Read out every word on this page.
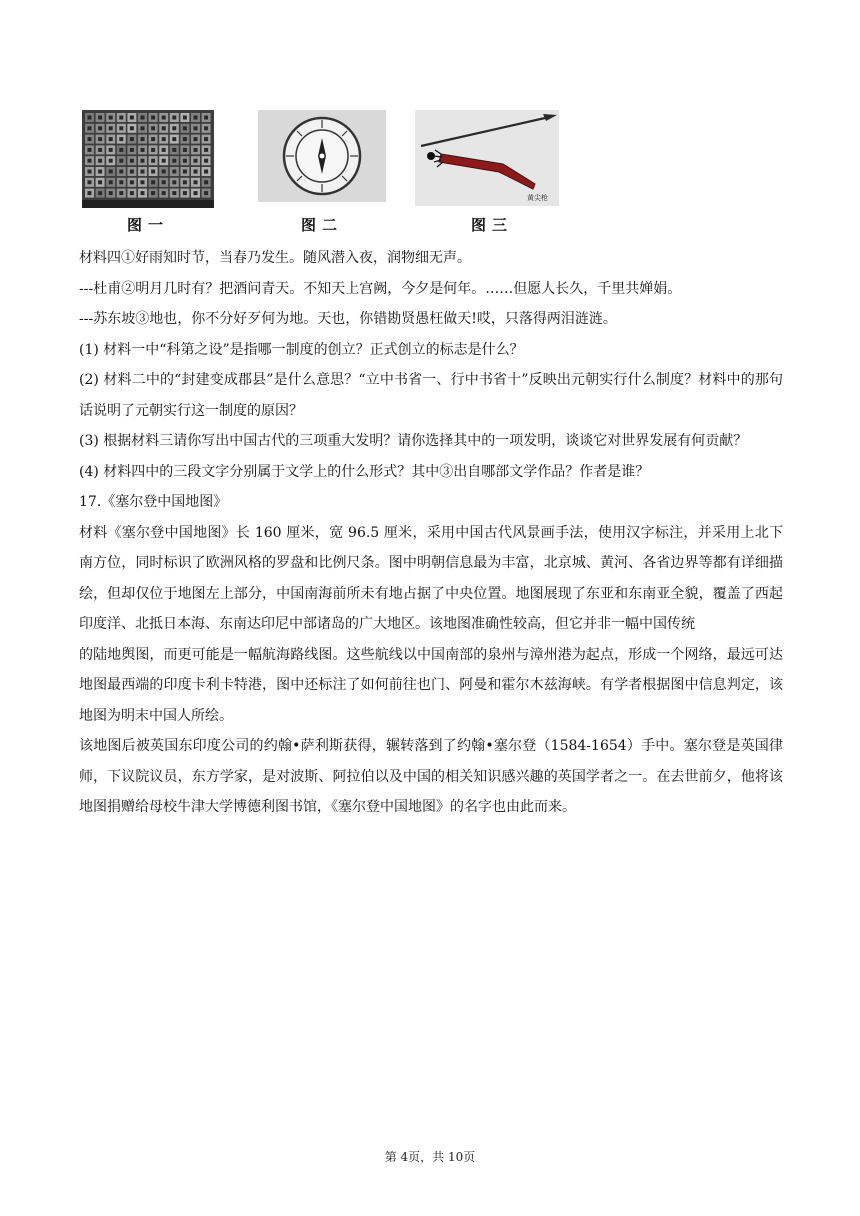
图一	图二
黄尖枪
图三

材料四①好雨知时节，当春乃发生。随风潜入夜，润物细无声。

---杜甫②明月几时有？把酒问青天。不知天上宫阙，今夕是何年。……但愿人长久，千里共婵娟。

---苏东坡③地也，你不分好歹何为地。天也，你错勘贤愚枉做天!哎，只落得两泪涟涟。

(1) 材料一中“科第之设”是指哪一制度的创立？正式创立的标志是什么？

(2) 材料二中的“封建变成郡县”是什么意思？“立中书省一、行中书省十”反映出元朝实行什么制度？材料中的那句话说明了元朝实行这一制度的原因？

(3) 根据材料三请你写出中国古代的三项重大发明？请你选择其中的一项发明，谈谈它对世界发展有何贡献？

(4) 材料四中的三段文字分别属于文学上的什么形式？其中③出自哪部文学作品？作者是谁？

17.《塞尔登中国地图》

材料《塞尔登中国地图》长 160 厘米，宽 96.5 厘米，采用中国古代风景画手法，使用汉字标注，并采用上北下南方位，同时标识了欧洲风格的罗盘和比例尺条。图中明朝信息最为丰富，北京城、黄河、各省边界等都有详细描绘，但却仅位于地图左上部分，中国南海前所未有地占据了中央位置。地图展现了东亚和东南亚全貌，覆盖了西起印度洋、北抵日本海、东南达印尼中部诸岛的广大地区。该地图准确性较高，但它并非一幅中国传统

的陆地舆图，而更可能是一幅航海路线图。这些航线以中国南部的泉州与漳州港为起点，形成一个网络，最远可达地图最西端的印度卡利卡特港，图中还标注了如何前往也门、阿曼和霍尔木兹海峡。有学者根据图中信息判定，该地图为明末中国人所绘。

该地图后被英国东印度公司的约翰•萨利斯获得，辗转落到了约翰•塞尔登（1584-1654）手中。塞尔登是英国律师，下议院议员，东方学家，是对波斯、阿拉伯以及中国的相关知识感兴趣的英国学者之一。在去世前夕，他将该地图捐赠给母校牛津大学博德利图书馆，《塞尔登中国地图》的名字也由此而来。

第 4页，共 10页
